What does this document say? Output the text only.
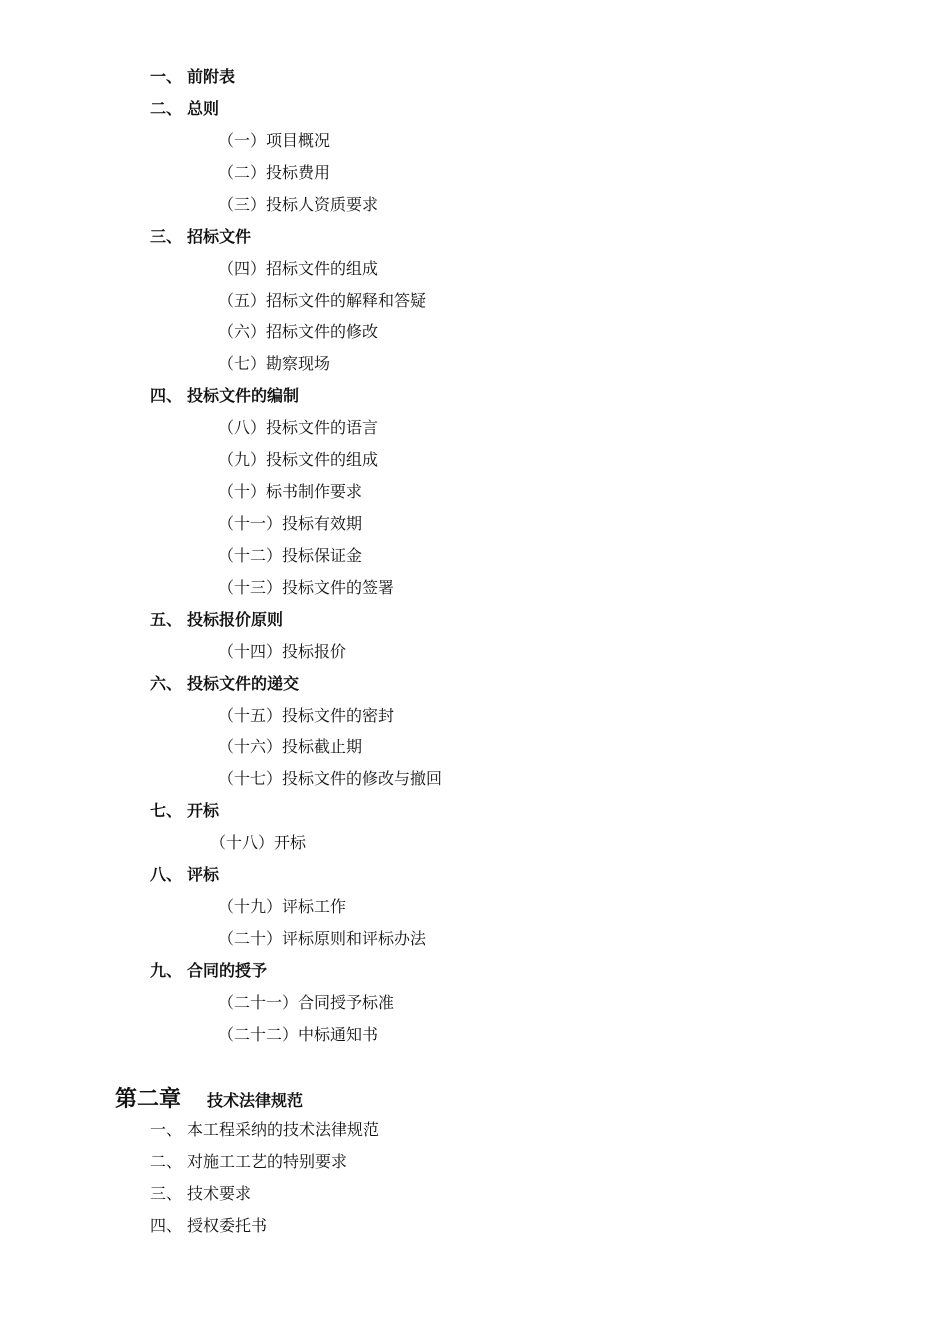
一、 前附表
二、 总则
（一）项目概况
（二）投标费用
（三）投标人资质要求
三、 招标文件
（四）招标文件的组成
（五）招标文件的解释和答疑
（六）招标文件的修改
（七）勘察现场
四、 投标文件的编制
（八）投标文件的语言
（九）投标文件的组成
（十）标书制作要求
（十一）投标有效期
（十二）投标保证金
（十三）投标文件的签署
五、 投标报价原则
（十四）投标报价
六、 投标文件的递交
（十五）投标文件的密封
（十六）投标截止期
（十七）投标文件的修改与撤回
七、 开标
（十八）开标
八、 评标
（十九）评标工作
（二十）评标原则和评标办法
九、 合同的授予
（二十一）合同授予标准
（二十二）中标通知书
第二章 技术法律规范
一、 本工程采纳的技术法律规范
二、 对施工工艺的特别要求
三、 技术要求
四、 授权委托书
